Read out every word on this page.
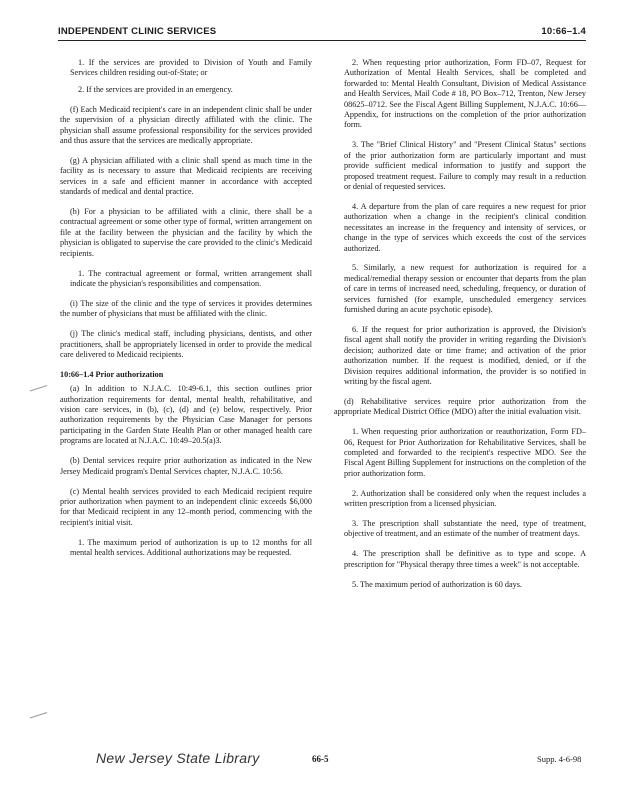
INDEPENDENT CLINIC SERVICES	10:66–1.4

1. If the services are provided to Division of Youth and Family Services children residing out-of-State; or

2. If the services are provided in an emergency.

(f) Each Medicaid recipient's care in an independent clinic shall be under the supervision of a physician directly affiliated with the clinic. The physician shall assume professional responsibility for the services provided and thus assure that the services are medically appropriate.

(g) A physician affiliated with a clinic shall spend as much time in the facility as is necessary to assure that Medicaid recipients are receiving services in a safe and efficient manner in accordance with accepted standards of medical and dental practice.

(h) For a physician to be affiliated with a clinic, there shall be a contractual agreement or some other type of formal, written arrangement on file at the facility between the physician and the facility by which the physician is obligated to supervise the care provided to the clinic's Medicaid recipients.

1. The contractual agreement or formal, written arrangement shall indicate the physician's responsibilities and compensation.

(i) The size of the clinic and the type of services it provides determines the number of physicians that must be affiliated with the clinic.

(j) The clinic's medical staff, including physicians, dentists, and other practitioners, shall be appropriately licensed in order to provide the medical care delivered to Medicaid recipients.

10:66–1.4 Prior authorization

(a) In addition to N.J.A.C. 10:49-6.1, this section outlines prior authorization requirements for dental, mental health, rehabilitative, and vision care services, in (b), (c), (d) and (e) below, respectively. Prior authorization requirements by the Physician Case Manager for persons participating in the Garden State Health Plan or other managed health care programs are located at N.J.A.C. 10:49–20.5(a)3.

(b) Dental services require prior authorization as indicated in the New Jersey Medicaid program's Dental Services chapter, N.J.A.C. 10:56.

(c) Mental health services provided to each Medicaid recipient require prior authorization when payment to an independent clinic exceeds $6,000 for that Medicaid recipient in any 12–month period, commencing with the recipient's initial visit.

1. The maximum period of authorization is up to 12 months for all mental health services. Additional authorizations may be requested.

2. When requesting prior authorization, Form FD–07, Request for Authorization of Mental Health Services, shall be completed and forwarded to: Mental Health Consultant, Division of Medical Assistance and Health Services, Mail Code # 18, PO Box–712, Trenton, New Jersey 08625–0712. See the Fiscal Agent Billing Supplement, N.J.A.C. 10:66—Appendix, for instructions on the completion of the prior authorization form.

3. The "Brief Clinical History" and "Present Clinical Status" sections of the prior authorization form are particularly important and must provide sufficient medical information to justify and support the proposed treatment request. Failure to comply may result in a reduction or denial of requested services.

4. A departure from the plan of care requires a new request for prior authorization when a change in the recipient's clinical condition necessitates an increase in the frequency and intensity of services, or change in the type of services which exceeds the cost of the services authorized.

5. Similarly, a new request for authorization is required for a medical/remedial therapy session or encounter that departs from the plan of care in terms of increased need, scheduling, frequency, or duration of services furnished (for example, unscheduled emergency services furnished during an acute psychotic episode).

6. If the request for prior authorization is approved, the Division's fiscal agent shall notify the provider in writing regarding the Division's decision; authorized date or time frame; and activation of the prior authorization number. If the request is modified, denied, or if the Division requires additional information, the provider is so notified in writing by the fiscal agent.

(d) Rehabilitative services require prior authorization from the appropriate Medical District Office (MDO) after the initial evaluation visit.

1. When requesting prior authorization or reauthorization, Form FD–06, Request for Prior Authorization for Rehabilitative Services, shall be completed and forwarded to the recipient's respective MDO. See the Fiscal Agent Billing Supplement for instructions on the completion of the prior authorization form.

2. Authorization shall be considered only when the request includes a written prescription from a licensed physician.

3. The prescription shall substantiate the need, type of treatment, objective of treatment, and an estimate of the number of treatment days.

4. The prescription shall be definitive as to type and scope. A prescription for "Physical therapy three times a week" is not acceptable.

5. The maximum period of authorization is 60 days.

New Jersey State Library	66-5	Supp. 4-6-98
